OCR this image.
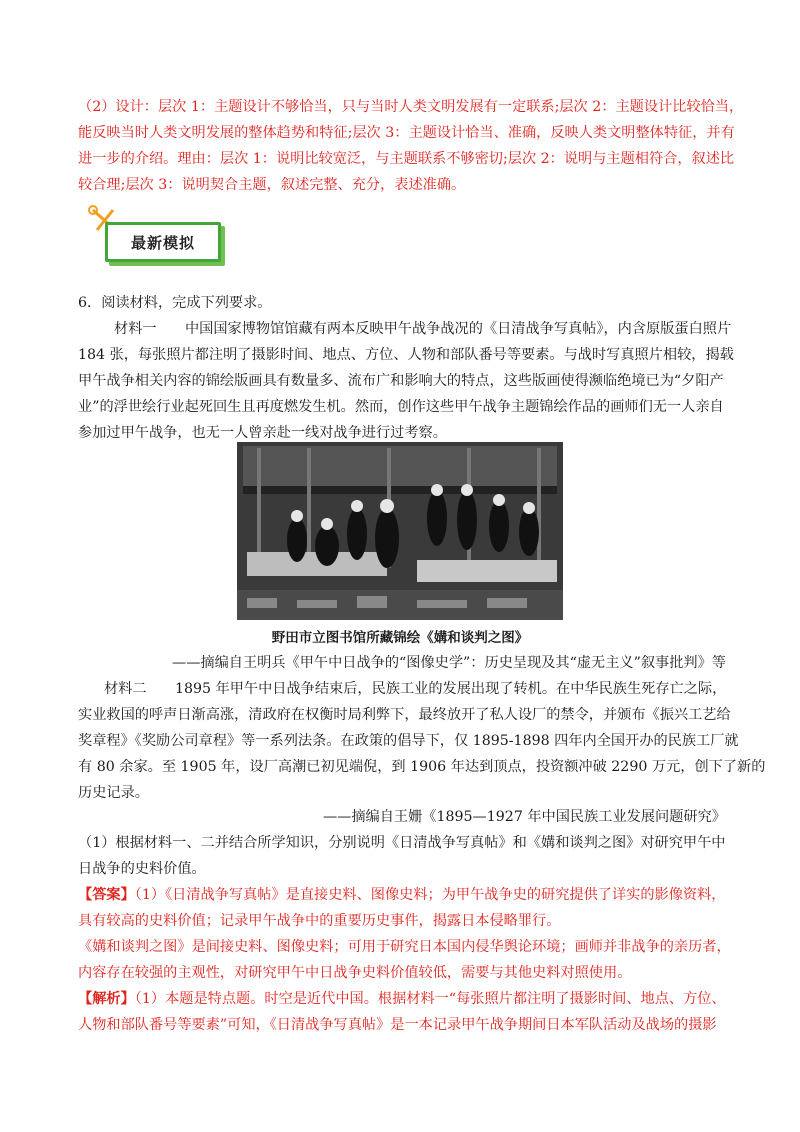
（2）设计：层次 1：主题设计不够恰当，只与当时人类文明发展有一定联系;层次 2：主题设计比较恰当，
能反映当时人类文明发展的整体趋势和特征;层次 3：主题设计恰当、准确，反映人类文明整体特征，并有
进一步的介绍。理由：层次 1：说明比较宽泛，与主题联系不够密切;层次 2：说明与主题相符合，叙述比
较合理;层次 3：说明契合主题，叙述完整、充分，表述准确。
最新模拟
6．阅读材料，完成下列要求。
材料一　　中国国家博物馆馆藏有两本反映甲午战争战况的《日清战争写真帖》，内含原版蛋白照片
184 张，每张照片都注明了摄影时间、地点、方位、人物和部队番号等要素。与战时写真照片相较，揭载
甲午战争相关内容的锦绘版画具有数量多、流布广和影响大的特点，这些版画使得濒临绝境已为“夕阳产
业”的浮世绘行业起死回生且再度燃发生机。然而，创作这些甲午战争主题锦绘作品的画师们无一人亲自
参加过甲午战争，也无一人曾亲赴一线对战争进行过考察。
野田市立图书馆所藏锦绘《媾和谈判之图》
——摘编自王明兵《甲午中日战争的“图像史学”：历史呈现及其“虚无主义”叙事批判》等
材料二　　1895 年甲午中日战争结束后，民族工业的发展出现了转机。在中华民族生死存亡之际，
实业救国的呼声日渐高涨，清政府在权衡时局利弊下，最终放开了私人设厂的禁令，并颁布《振兴工艺给
奖章程》《奖励公司章程》等一系列法条。在政策的倡导下，仅 1895-1898 四年内全国开办的民族工厂就
有 80 余家。至 1905 年，设厂高潮已初见端倪，到 1906 年达到顶点，投资额冲破 2290 万元，创下了新的
历史记录。
——摘编自王姗《1895—1927 年中国民族工业发展问题研究》
（1）根据材料一、二并结合所学知识，分别说明《日清战争写真帖》和《媾和谈判之图》对研究甲午中
日战争的史料价值。
【答案】（1）《日清战争写真帖》是直接史料、图像史料；为甲午战争史的研究提供了详实的影像资料，
具有较高的史料价值；记录甲午战争中的重要历史事件，揭露日本侵略罪行。
《媾和谈判之图》是间接史料、图像史料；可用于研究日本国内侵华舆论环境；画师并非战争的亲历者，
内容存在较强的主观性，对研究甲午中日战争史料价值较低，需要与其他史料对照使用。
【解析】（1）本题是特点题。时空是近代中国。根据材料一“每张照片都注明了摄影时间、地点、方位、
人物和部队番号等要素”可知，《日清战争写真帖》是一本记录甲午战争期间日本军队活动及战场的摄影
